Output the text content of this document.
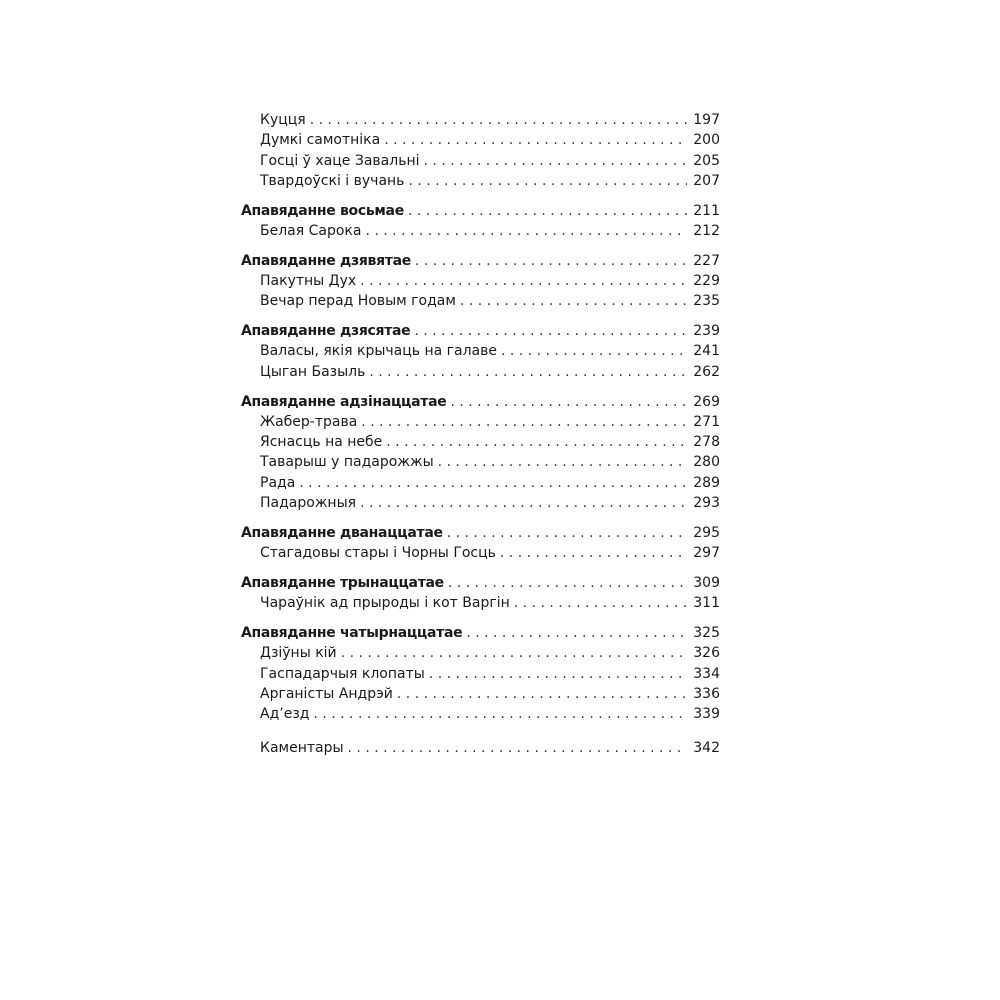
Куцця . . .	197
Думкі самотніка . . .	200
Госці ў хаце Завальні . . .	205
Твардоўскі і вучань . . .	207
Апавяданне восьмае . . .	211
Белая Сарока . . .	212
Апавяданне дзявятае . . .	227
Пакутны Дух . . .	229
Вечар перад Новым годам . . .	235
Апавяданне дзясятае . . .	239
Валасы, якія крычаць на галаве . . .	241
Цыган Базыль . . .	262
Апавяданне адзінаццатае . . .	269
Жабер-трава . . .	271
Яснасць на небе . . .	278
Таварыш у падарожжы . . .	280
Рада . . .	289
Падарожныя . . .	293
Апавяданне дванаццатае . . .	295
Стагадовы стары і Чорны Госць . . .	297
Апавяданне трынаццатае . . .	309
Чараўнік ад прыроды і кот Варгін . . .	311
Апавяданне чатырнаццатае . . .	325
Дзіўны кій . . .	326
Гаспадарчыя клопаты . . .	334
Арганісты Андрэй . . .	336
Ад’езд . . .	339
Каментары . . .	342
